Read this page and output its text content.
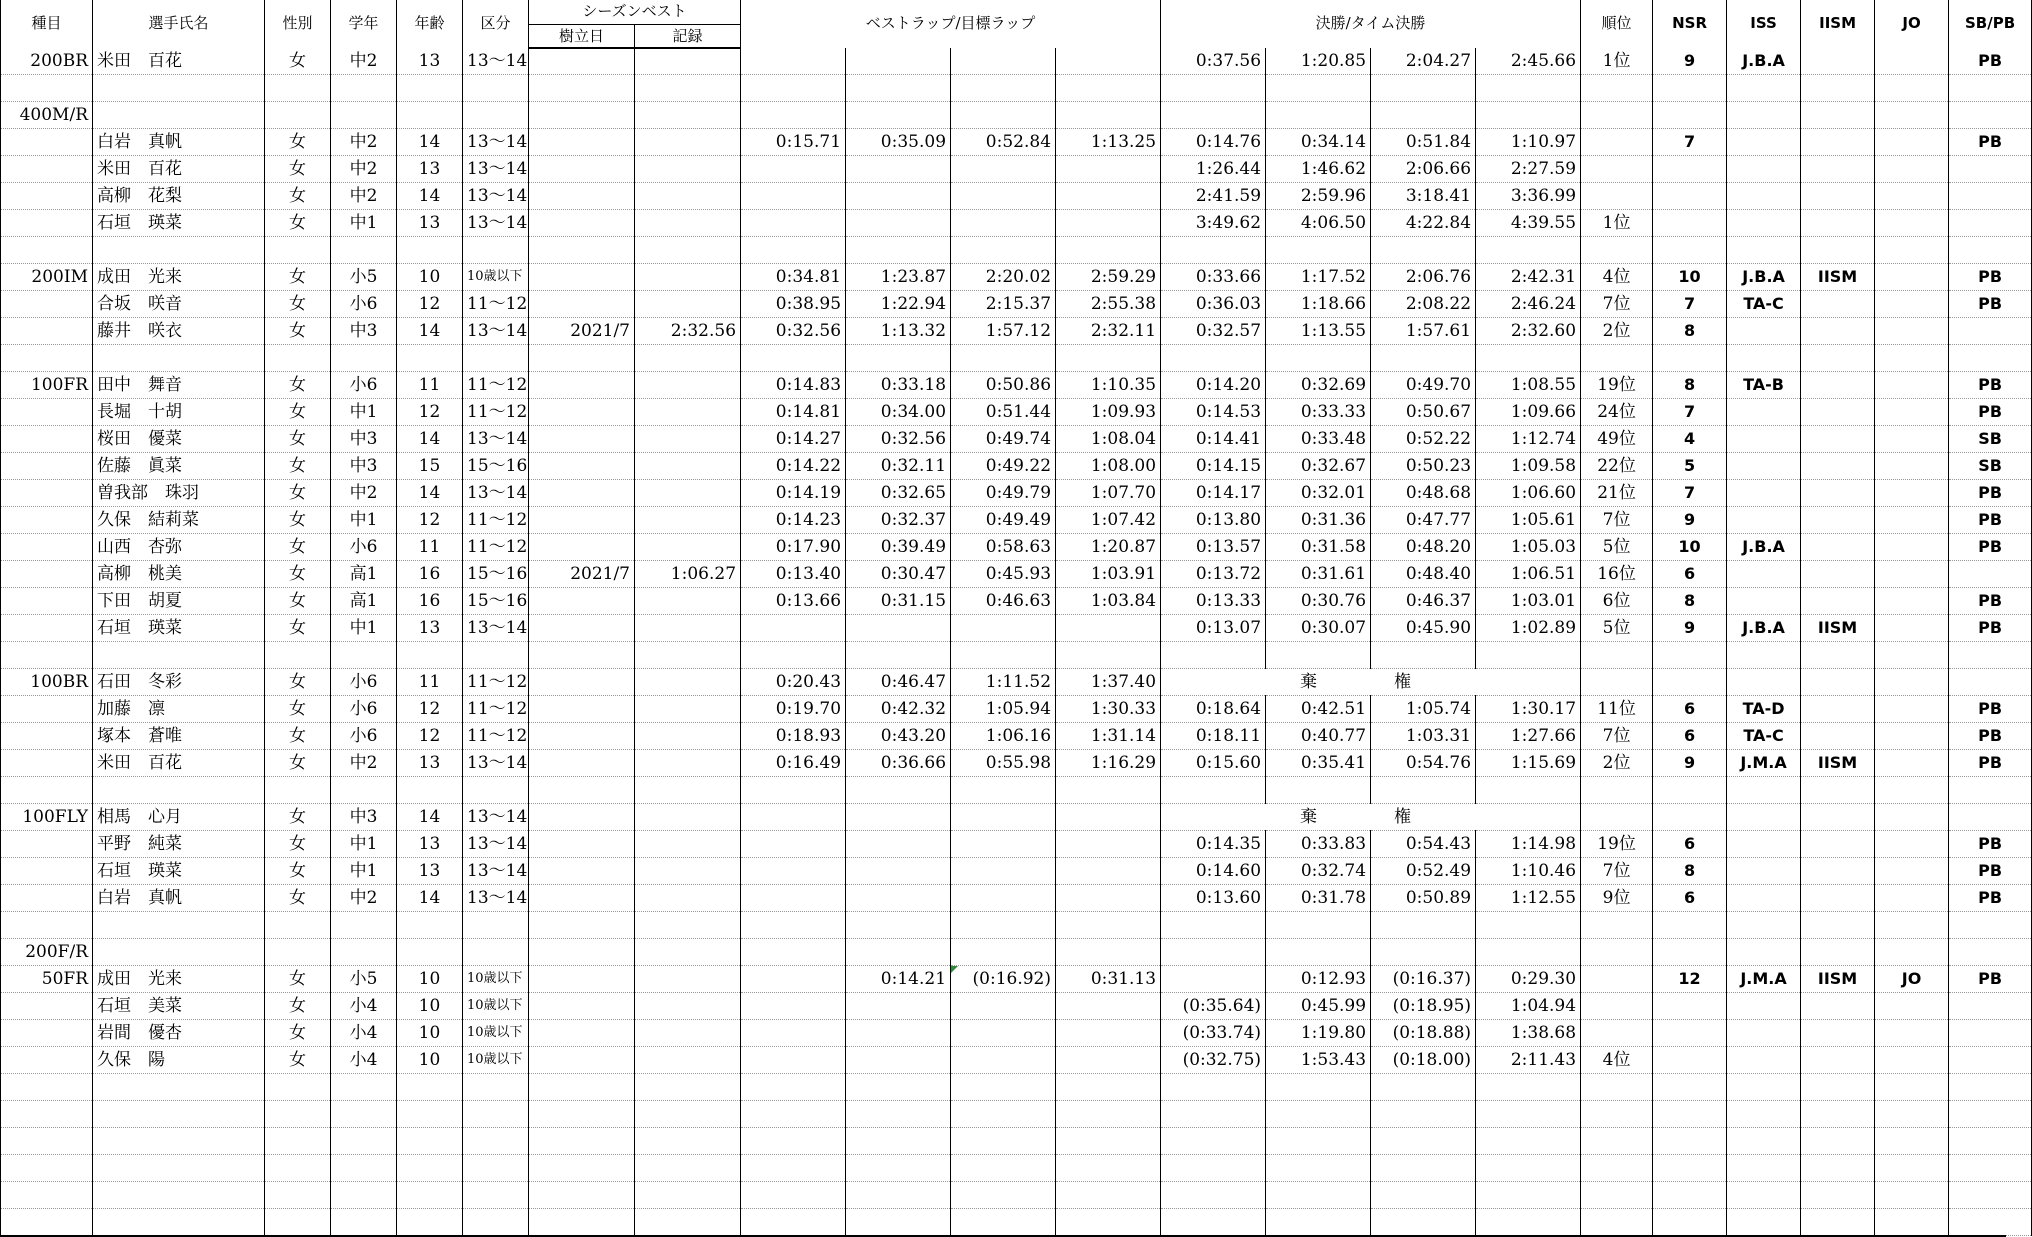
種目	選手氏名	性別	学年	年齢	区分	シーズンベスト		ベストラップ/目標ラップ				決勝/タイム決勝				順位	NSR	ISS	IISM	JO	SB/PB
						樹立日	記録														
200BR	米田　百花	女	中2	13	13～14							0:37.56	1:20.85	2:04.27	2:45.66	1位	9	J.B.A			PB

400M/R																					
	白岩　真帆	女	中2	14	13～14			0:15.71	0:35.09	0:52.84	1:13.25	0:14.76	0:34.14	0:51.84	1:10.97		7				PB
	米田　百花	女	中2	13	13～14							1:26.44	1:46.62	2:06.66	2:27.59						
	高柳　花梨	女	中2	14	13～14							2:41.59	2:59.96	3:18.41	3:36.99						
	石垣　瑛菜	女	中1	13	13～14							3:49.62	4:06.50	4:22.84	4:39.55	1位					

200IM	成田　光来	女	小5	10	10歳以下			0:34.81	1:23.87	2:20.02	2:59.29	0:33.66	1:17.52	2:06.76	2:42.31	4位	10	J.B.A	IISM		PB
	合坂　咲音	女	小6	12	11～12			0:38.95	1:22.94	2:15.37	2:55.38	0:36.03	1:18.66	2:08.22	2:46.24	7位	7	TA-C			PB
	藤井　咲衣	女	中3	14	13～14	2021/7	2:32.56	0:32.56	1:13.32	1:57.12	2:32.11	0:32.57	1:13.55	1:57.61	2:32.60	2位	8				

100FR	田中　舞音	女	小6	11	11～12			0:14.83	0:33.18	0:50.86	1:10.35	0:14.20	0:32.69	0:49.70	1:08.55	19位	8	TA-B			PB
	長堀　十胡	女	中1	12	11～12			0:14.81	0:34.00	0:51.44	1:09.93	0:14.53	0:33.33	0:50.67	1:09.66	24位	7				PB
	桜田　優菜	女	中3	14	13～14			0:14.27	0:32.56	0:49.74	1:08.04	0:14.41	0:33.48	0:52.22	1:12.74	49位	4				SB
	佐藤　眞菜	女	中3	15	15～16			0:14.22	0:32.11	0:49.22	1:08.00	0:14.15	0:32.67	0:50.23	1:09.58	22位	5				SB
	曽我部　珠羽	女	中2	14	13～14			0:14.19	0:32.65	0:49.79	1:07.70	0:14.17	0:32.01	0:48.68	1:06.60	21位	7				PB
	久保　結莉菜	女	中1	12	11～12			0:14.23	0:32.37	0:49.49	1:07.42	0:13.80	0:31.36	0:47.77	1:05.61	7位	9				PB
	山西　杏弥	女	小6	11	11～12			0:17.90	0:39.49	0:58.63	1:20.87	0:13.57	0:31.58	0:48.20	1:05.03	5位	10	J.B.A			PB
	高柳　桃美	女	高1	16	15～16	2021/7	1:06.27	0:13.40	0:30.47	0:45.93	1:03.91	0:13.72	0:31.61	0:48.40	1:06.51	16位	6				
	下田　胡夏	女	高1	16	15～16			0:13.66	0:31.15	0:46.63	1:03.84	0:13.33	0:30.76	0:46.37	1:03.01	6位	8				PB
	石垣　瑛菜	女	中1	13	13～14							0:13.07	0:30.07	0:45.90	1:02.89	5位	9	J.B.A	IISM		PB

100BR	石田　冬彩	女	小6	11	11～12			0:20.43	0:46.47	1:11.52	1:37.40	棄　権									
	加藤　凛	女	小6	12	11～12			0:19.70	0:42.32	1:05.94	1:30.33	0:18.64	0:42.51	1:05.74	1:30.17	11位	6	TA-D			PB
	塚本　蒼唯	女	小6	12	11～12			0:18.93	0:43.20	1:06.16	1:31.14	0:18.11	0:40.77	1:03.31	1:27.66	7位	6	TA-C			PB
	米田　百花	女	中2	13	13～14			0:16.49	0:36.66	0:55.98	1:16.29	0:15.60	0:35.41	0:54.76	1:15.69	2位	9	J.M.A	IISM		PB

100FLY	相馬　心月	女	中3	14	13～14							棄　権									
	平野　純菜	女	中1	13	13～14							0:14.35	0:33.83	0:54.43	1:14.98	19位	6				PB
	石垣　瑛菜	女	中1	13	13～14							0:14.60	0:32.74	0:52.49	1:10.46	7位	8				PB
	白岩　真帆	女	中2	14	13～14							0:13.60	0:31.78	0:50.89	1:12.55	9位	6				PB

200F/R																					
50FR	成田　光来	女	小5	10	10歳以下				0:14.21	(0:16.92)	0:31.13		0:12.93	(0:16.37)	0:29.30		12	J.M.A	IISM	JO	PB
	石垣　美菜	女	小4	10	10歳以下							(0:35.64)	0:45.99	(0:18.95)	1:04.94						
	岩間　優杏	女	小4	10	10歳以下							(0:33.74)	1:19.80	(0:18.88)	1:38.68						
	久保　陽	女	小4	10	10歳以下							(0:32.75)	1:53.43	(0:18.00)	2:11.43	4位					
